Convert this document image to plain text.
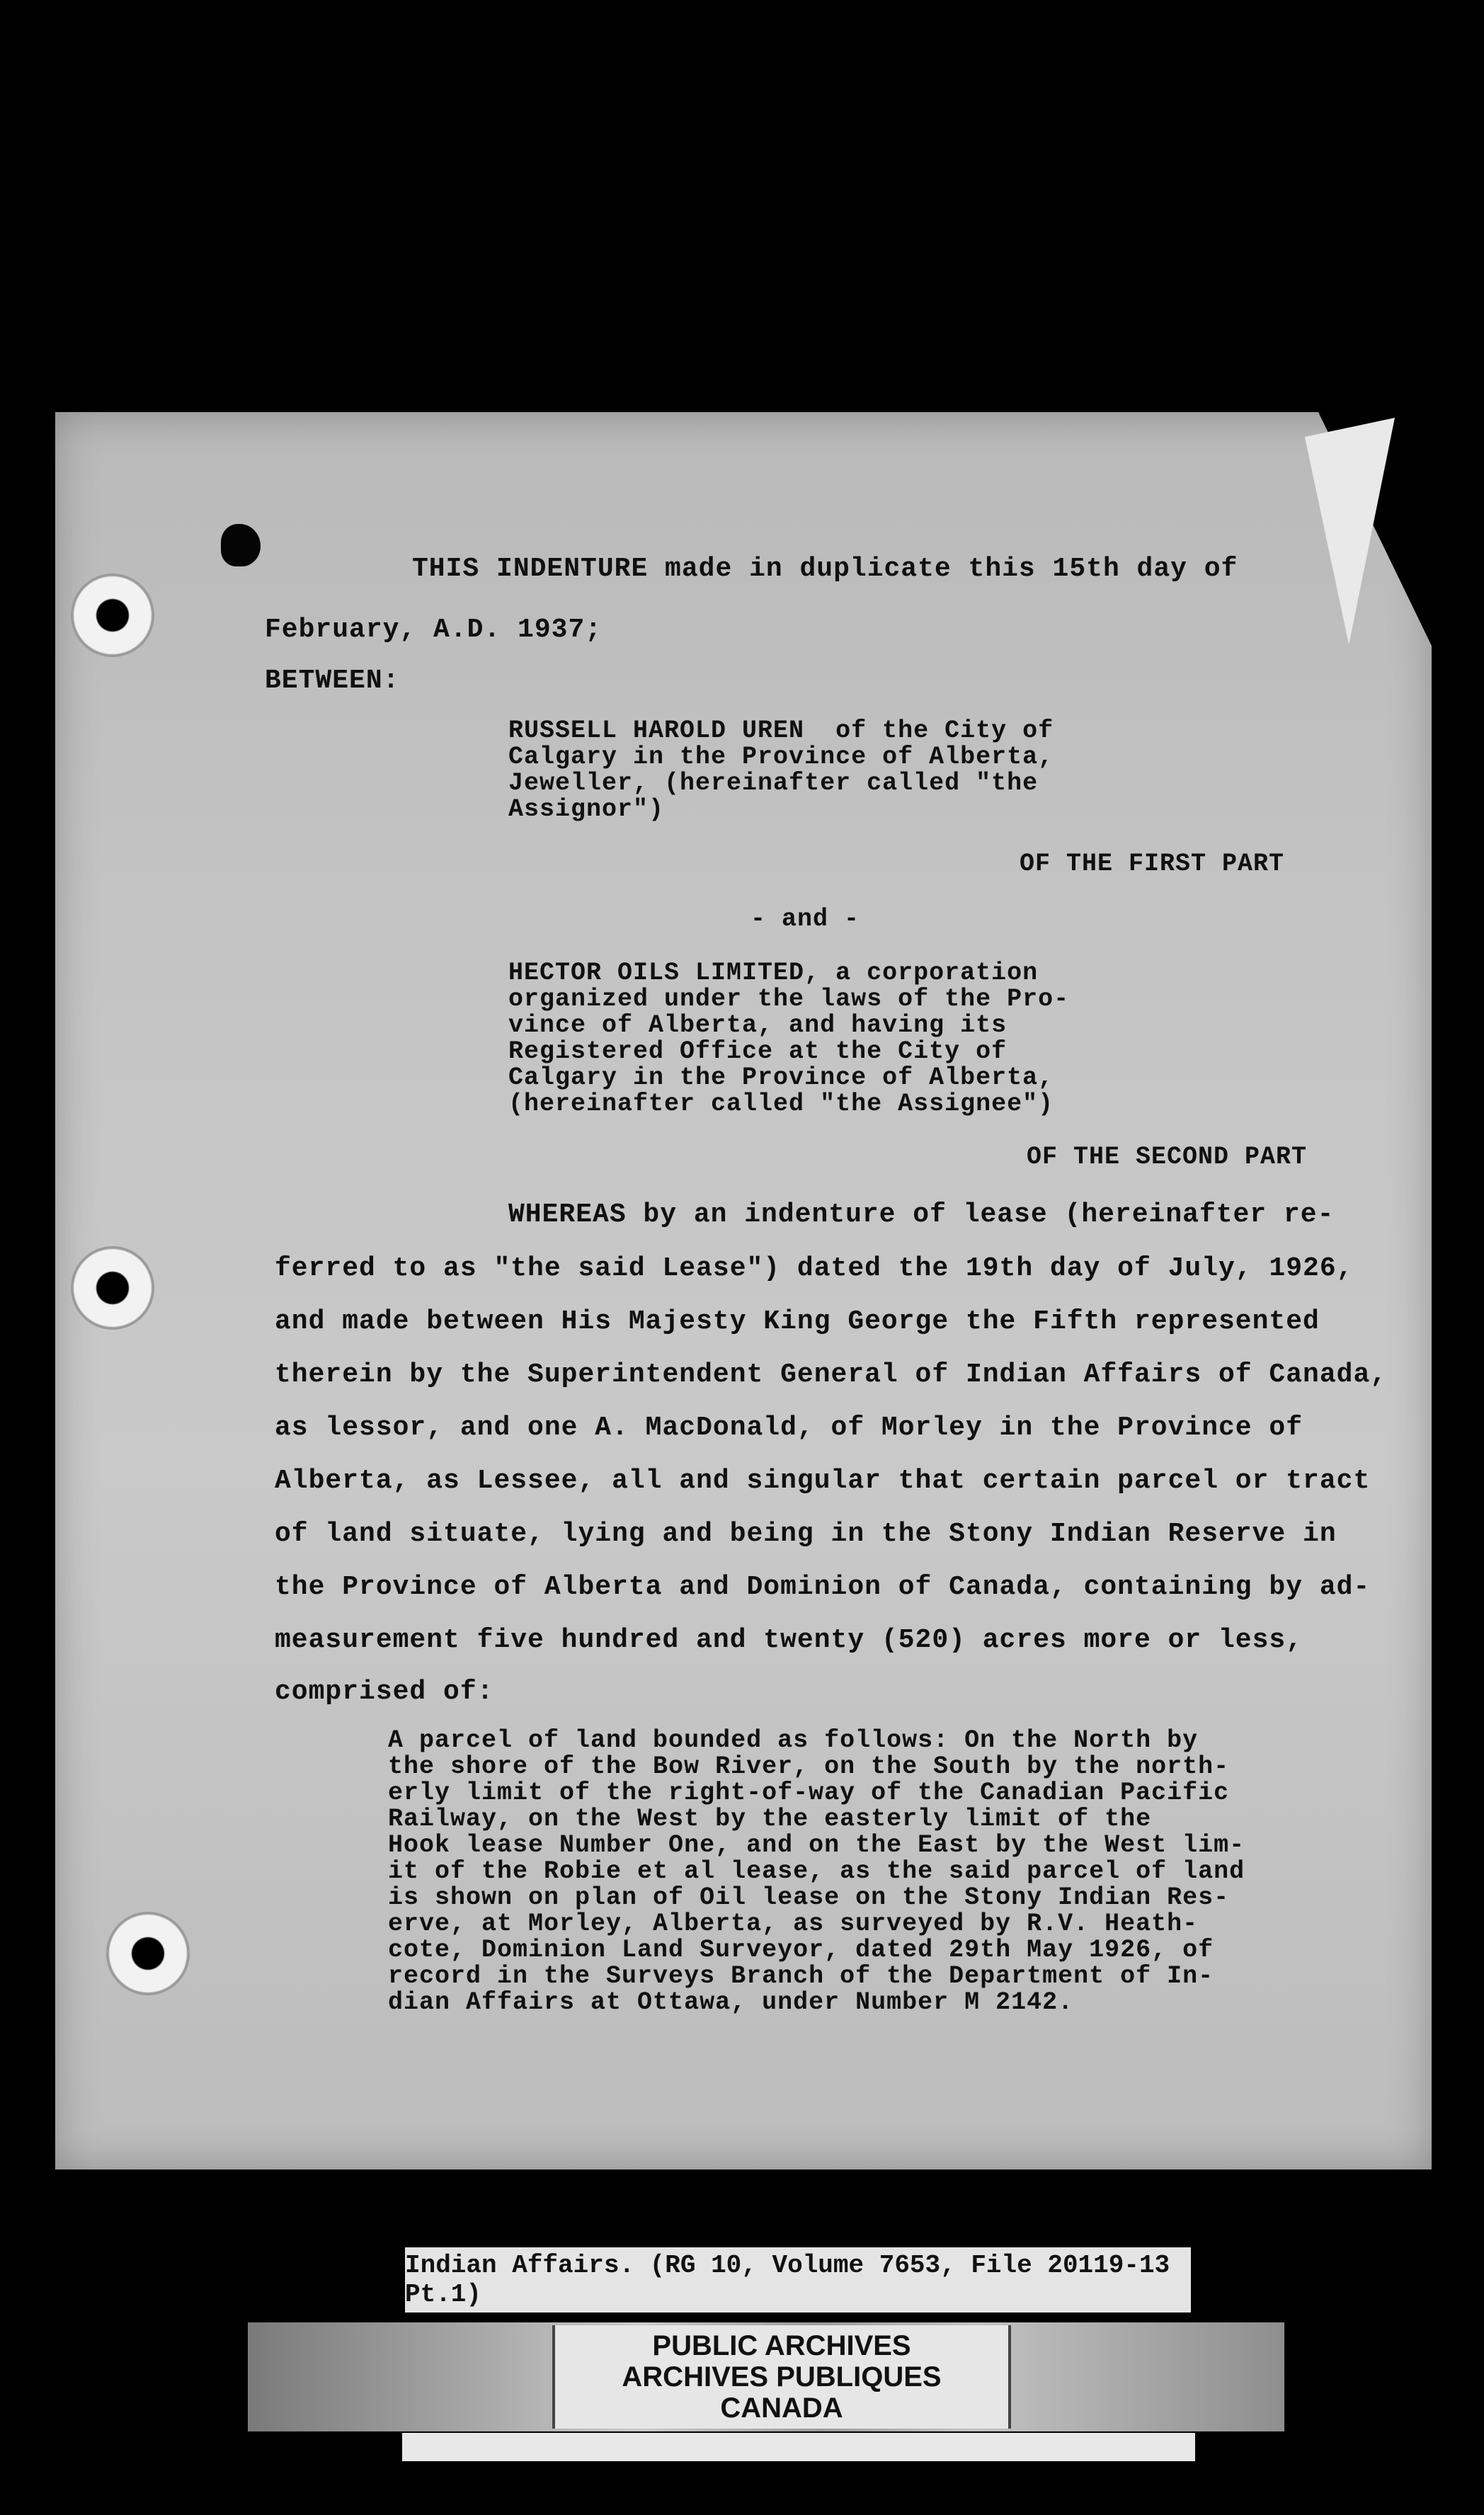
THIS INDENTURE made in duplicate this 15th day of
February, A.D. 1937;
BETWEEN:
RUSSELL HAROLD UREN  of the City of
Calgary in the Province of Alberta,
Jeweller, (hereinafter called "the
Assignor")
OF THE FIRST PART
- and -
HECTOR OILS LIMITED, a corporation
organized under the laws of the Pro-
vince of Alberta, and having its
Registered Office at the City of
Calgary in the Province of Alberta,
(hereinafter called "the Assignee")
OF THE SECOND PART
WHEREAS by an indenture of lease (hereinafter re-
ferred to as "the said Lease") dated the 19th day of July, 1926,
and made between His Majesty King George the Fifth represented
therein by the Superintendent General of Indian Affairs of Canada,
as lessor, and one A. MacDonald, of Morley in the Province of
Alberta, as Lessee, all and singular that certain parcel or tract
of land situate, lying and being in the Stony Indian Reserve in
the Province of Alberta and Dominion of Canada, containing by ad-
measurement five hundred and twenty (520) acres more or less,
comprised of:
A parcel of land bounded as follows: On the North by
the shore of the Bow River, on the South by the north-
erly limit of the right-of-way of the Canadian Pacific
Railway, on the West by the easterly limit of the
Hook lease Number One, and on the East by the West lim-
it of the Robie et al lease, as the said parcel of land
is shown on plan of Oil lease on the Stony Indian Res-
erve, at Morley, Alberta, as surveyed by R.V. Heath-
cote, Dominion Land Surveyor, dated 29th May 1926, of
record in the Surveys Branch of the Department of In-
dian Affairs at Ottawa, under Number M 2142.
Indian Affairs. (RG 10, Volume 7653, File 20119-13 Pt.1)
PUBLIC ARCHIVES
ARCHIVES PUBLIQUES
CANADA
